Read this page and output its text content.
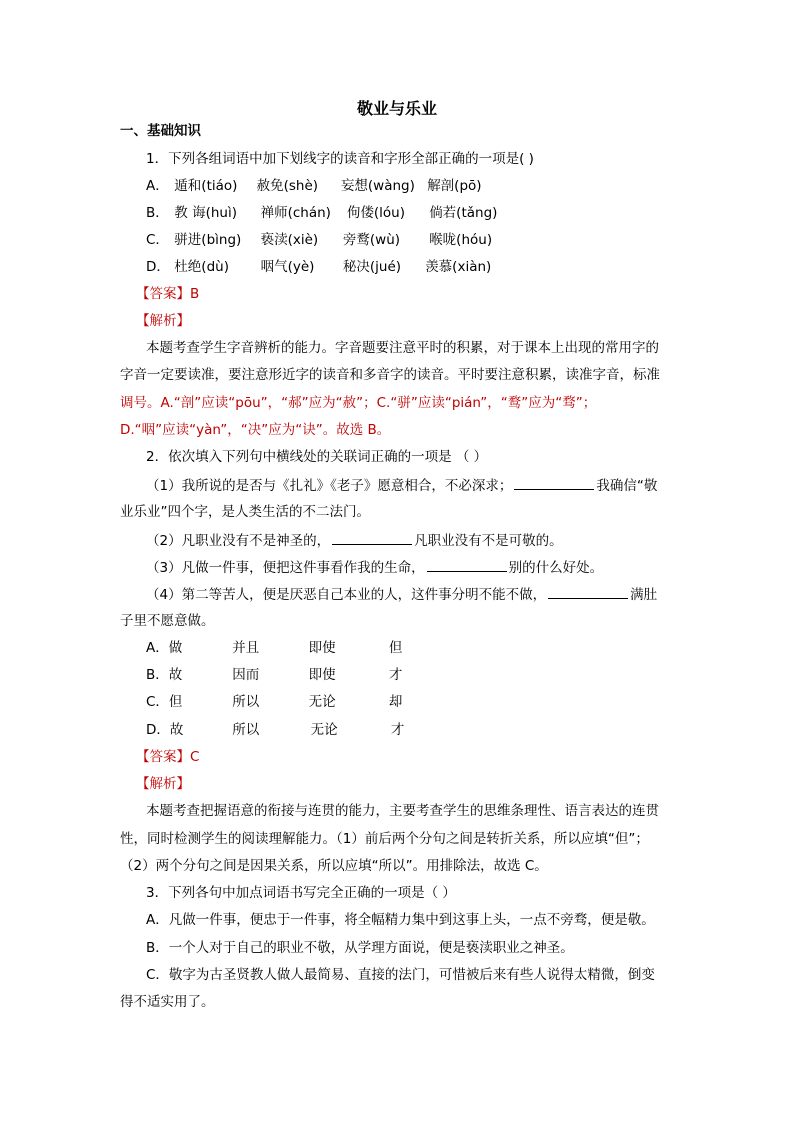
敬业与乐业
一、基础知识
1．下列各组词语中加下划线字的读音和字形全部正确的一项是( )
A． 遁和(tiáo) 赦免(shè) 妄想(wàng) 解剖(pō)
B． 教 诲(huì) 禅师(chán) 佝偻(lóu) 倘若(tǎng)
C． 骈进(bìng) 亵渎(xiè) 旁鹜(wù) 喉咙(hóu)
D． 杜绝(dù) 咽气(yè) 秘决(jué) 羡慕(xiàn)
【答案】B
【解析】
本题考查学生字音辨析的能力。字音题要注意平时的积累，对于课本上出现的常用字的
字音一定要读准，要注意形近字的读音和多音字的读音。平时要注意积累，读准字音，标准
调号。A.“剖”应读“pōu”，“郝”应为“赦”；C.“骈”应读“pián”，“鹜”应为“骛”；
D.“咽”应读“yàn”，“决”应为“诀”。故选 B。
2．依次填入下列句中横线处的关联词正确的一项是 （ ）
（1）我所说的是否与《扎礼》《老子》愿意相合，不必深求；	我确信“敬
业乐业”四个字，是人类生活的不二法门。
（2）凡职业没有不是神圣的，	凡职业没有不是可敬的。
（3）凡做一件事，便把这件事看作我的生命，	别的什么好处。
（4）第二等苦人，便是厌恶自己本业的人，这件事分明不能不做，	满肚
子里不愿意做。
A．做	并且	即使	但
B．故	因而	即使	才
C．但	所以	无论	却
D．故	所以	无论	才
【答案】C
【解析】
本题考查把握语意的衔接与连贯的能力，主要考查学生的思维条理性、语言表达的连贯
性，同时检测学生的阅读理解能力。（1）前后两个分句之间是转折关系，所以应填“但”；
（2）两个分句之间是因果关系，所以应填“所以”。用排除法，故选 C。
3．下列各句中加点词语书写完全正确的一项是（ ）
A．凡做一件事，便忠于一件事，将全幅精力集中到这事上头，一点不旁骛，便是敬。
B．一个人对于自己的职业不敬，从学理方面说，便是亵渎职业之神圣。
C．敬字为古圣贤教人做人最简易、直接的法门，可惜被后来有些人说得太精微，倒变
得不适实用了。
